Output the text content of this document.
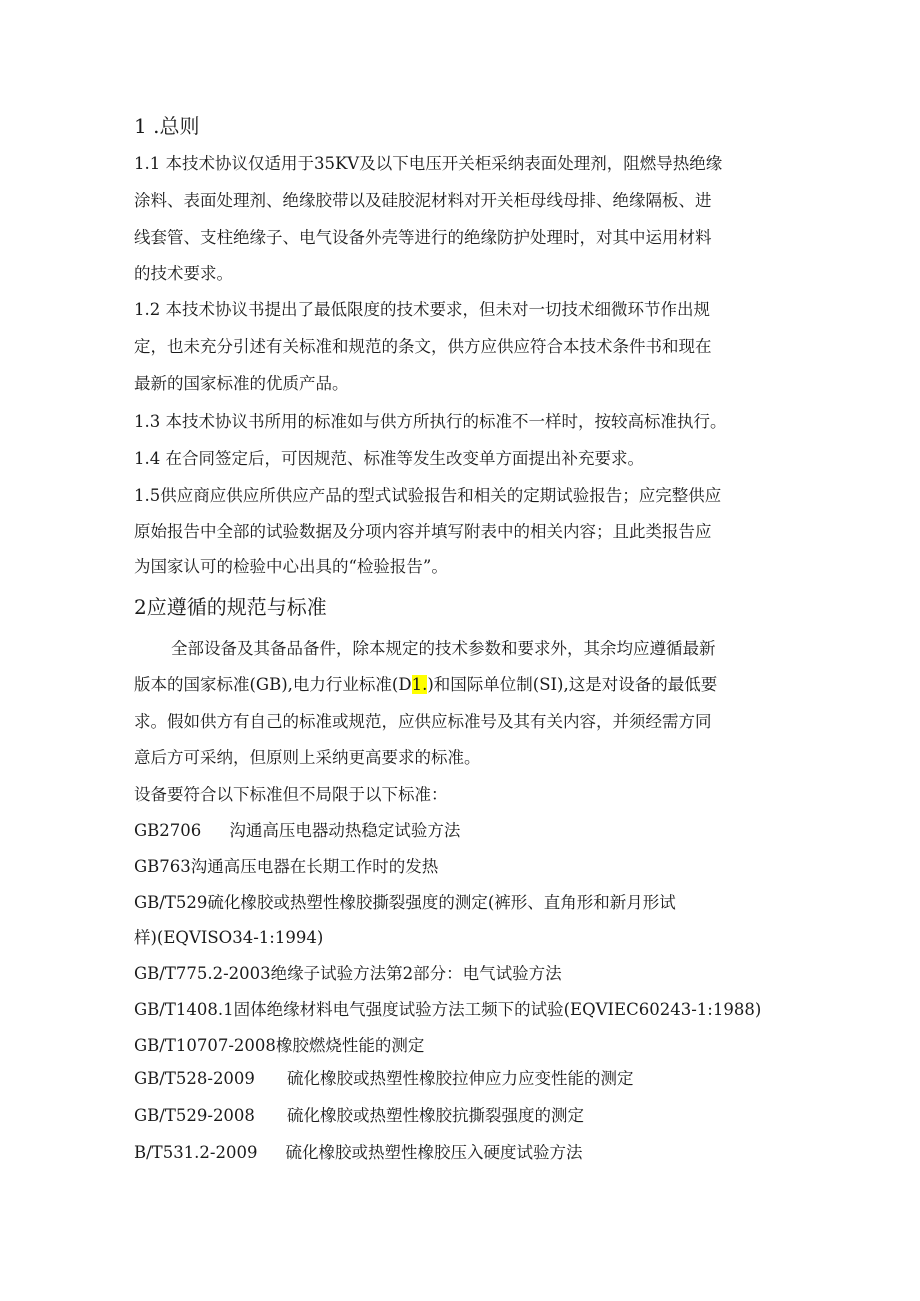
1 .总则
1.1 本技术协议仅适用于35KV及以下电压开关柜采纳表面处理剂，阻燃导热绝缘
涂料、表面处理剂、绝缘胶带以及硅胶泥材料对开关柜母线母排、绝缘隔板、进
线套管、支柱绝缘子、电气设备外壳等进行的绝缘防护处理时，对其中运用材料
的技术要求。
1.2 本技术协议书提出了最低限度的技术要求，但未对一切技术细微环节作出规
定，也未充分引述有关标准和规范的条文，供方应供应符合本技术条件书和现在
最新的国家标准的优质产品。
1.3 本技术协议书所用的标准如与供方所执行的标准不一样时，按较高标准执行。
1.4 在合同签定后，可因规范、标准等发生改变单方面提出补充要求。
1.5供应商应供应所供应产品的型式试验报告和相关的定期试验报告；应完整供应
原始报告中全部的试验数据及分项内容并填写附表中的相关内容；且此类报告应
为国家认可的检验中心出具的“检验报告”。
2应遵循的规范与标准
全部设备及其备品备件，除本规定的技术参数和要求外，其余均应遵循最新
版本的国家标准(GB),电力行业标准(D1.)和国际单位制(SI),这是对设备的最低要
求。假如供方有自己的标准或规范，应供应标准号及其有关内容，并须经需方同
意后方可采纳，但原则上采纳更高要求的标准。
设备要符合以下标准但不局限于以下标准：
GB2706 沟通高压电器动热稳定试验方法
GB763沟通高压电器在长期工作时的发热
GB/T529硫化橡胶或热塑性橡胶撕裂强度的测定(裤形、直角形和新月形试
样)(EQVISO34-1:1994)
GB/T775.2-2003绝缘子试验方法第2部分：电气试验方法
GB/T1408.1固体绝缘材料电气强度试验方法工频下的试验(EQVIEC60243-1:1988)
GB/T10707-2008橡胶燃烧性能的测定
GB/T528-2009 硫化橡胶或热塑性橡胶拉伸应力应变性能的测定
GB/T529-2008 硫化橡胶或热塑性橡胶抗撕裂强度的测定
B/T531.2-2009 硫化橡胶或热塑性橡胶压入硬度试验方法
